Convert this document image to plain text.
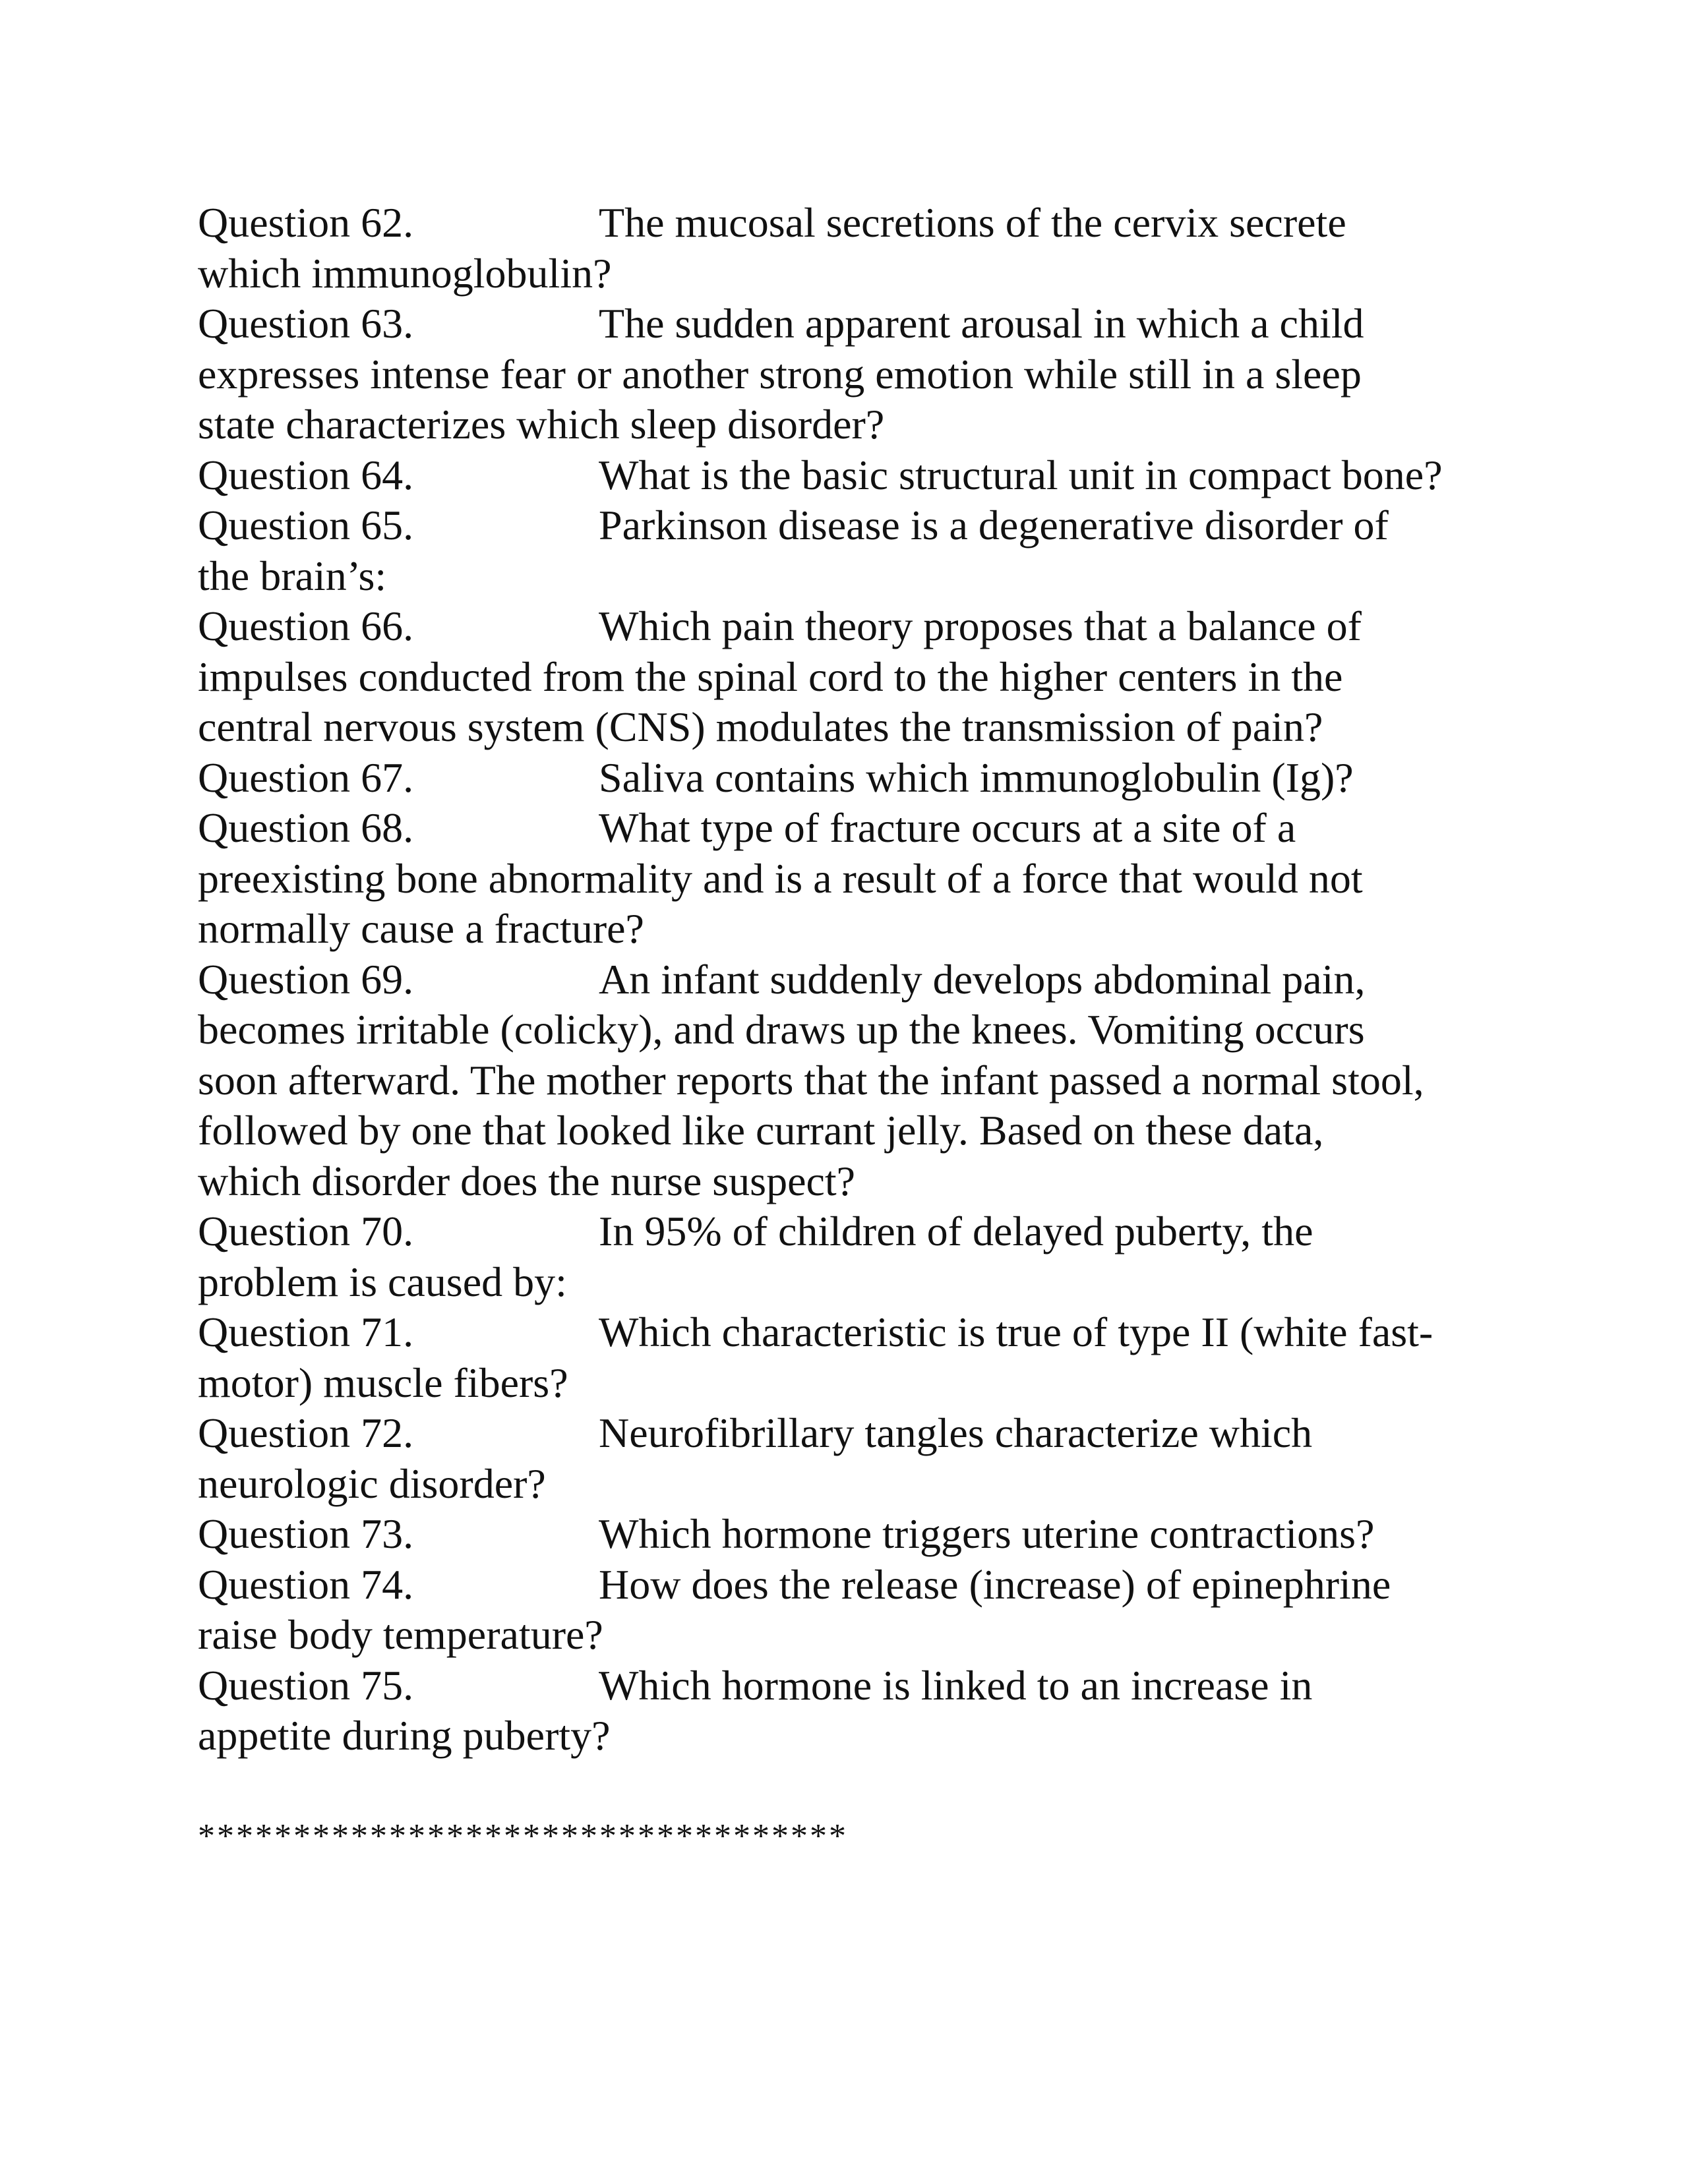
Question 62.	The mucosal secretions of the cervix secrete
which immunoglobulin?

Question 63.	The sudden apparent arousal in which a child
expresses intense fear or another strong emotion while still in a sleep
state characterizes which sleep disorder?

Question 64.	What is the basic structural unit in compact bone?

Question 65.	Parkinson disease is a degenerative disorder of
the brain’s:

Question 66.	Which pain theory proposes that a balance of
impulses conducted from the spinal cord to the higher centers in the
central nervous system (CNS) modulates the transmission of pain?

Question 67.	Saliva contains which immunoglobulin (Ig)?

Question 68.	What type of fracture occurs at a site of a
preexisting bone abnormality and is a result of a force that would not
normally cause a fracture?

Question 69.	An infant suddenly develops abdominal pain,
becomes irritable (colicky), and draws up the knees. Vomiting occurs
soon afterward. The mother reports that the infant passed a normal stool,
followed by one that looked like currant jelly. Based on these data,
which disorder does the nurse suspect?

Question 70.	In 95% of children of delayed puberty, the
problem is caused by:

Question 71.	Which characteristic is true of type II (white fast-
motor) muscle fibers?

Question 72.	Neurofibrillary tangles characterize which
neurologic disorder?

Question 73.	Which hormone triggers uterine contractions?

Question 74.	How does the release (increase) of epinephrine
raise body temperature?

Question 75.	Which hormone is linked to an increase in
appetite during puberty?

**********************************
